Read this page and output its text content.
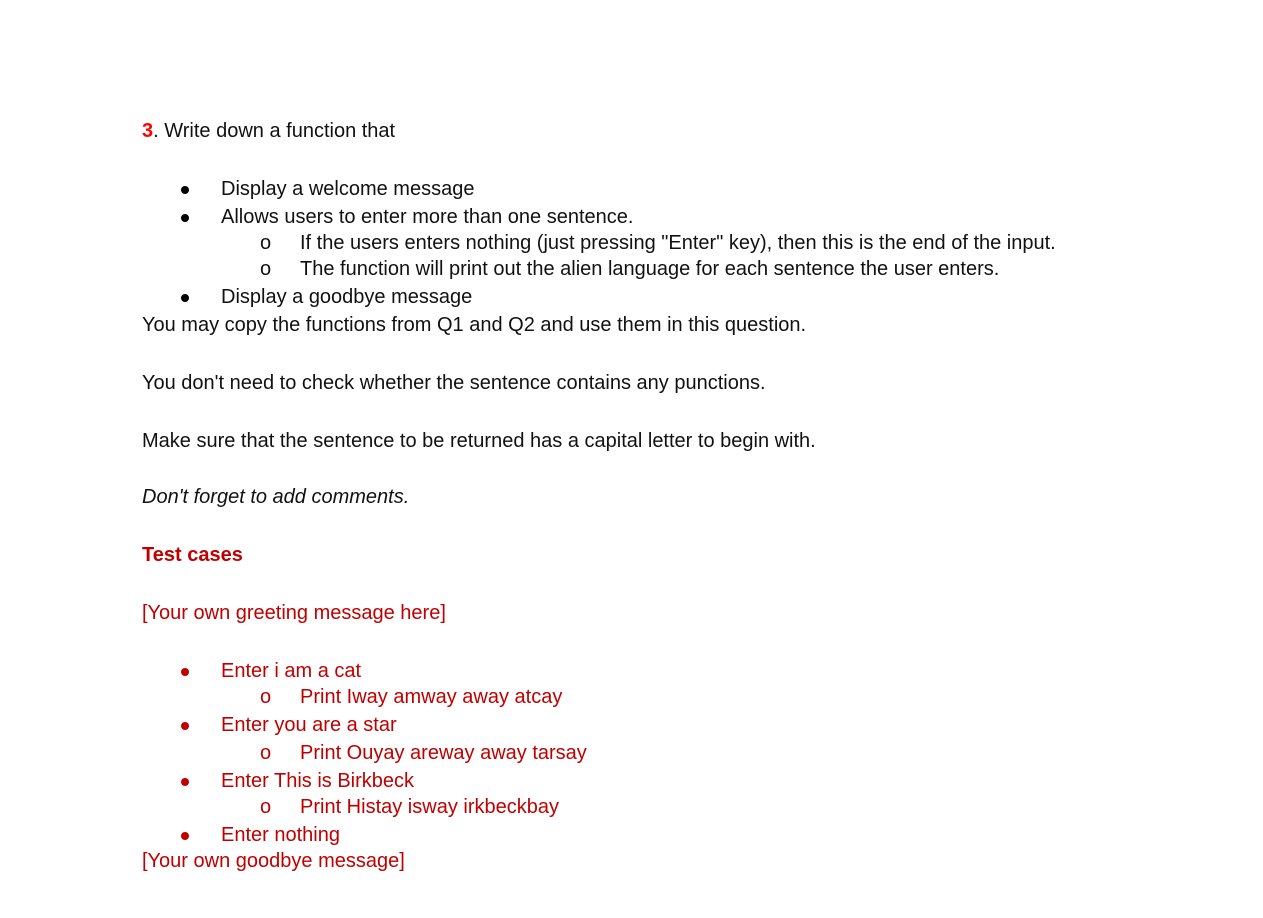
3. Write down a function that
Display a welcome message
Allows users to enter more than one sentence.
o If the users enters nothing (just pressing "Enter" key), then this is the end of the input.
o The function will print out the alien language for each sentence the user enters.
Display a goodbye message
You may copy the functions from Q1 and Q2 and use them in this question.
You don't need to check whether the sentence contains any punctions.
Make sure that the sentence to be returned has a capital letter to begin with.
Don't forget to add comments.
Test cases
[Your own greeting message here]
Enter i am a cat
o Print Iway amway away atcay
Enter you are a star
o Print Ouyay areway away tarsay
Enter This is Birkbeck
o Print Histay isway irkbeckbay
Enter nothing
[Your own goodbye message]
